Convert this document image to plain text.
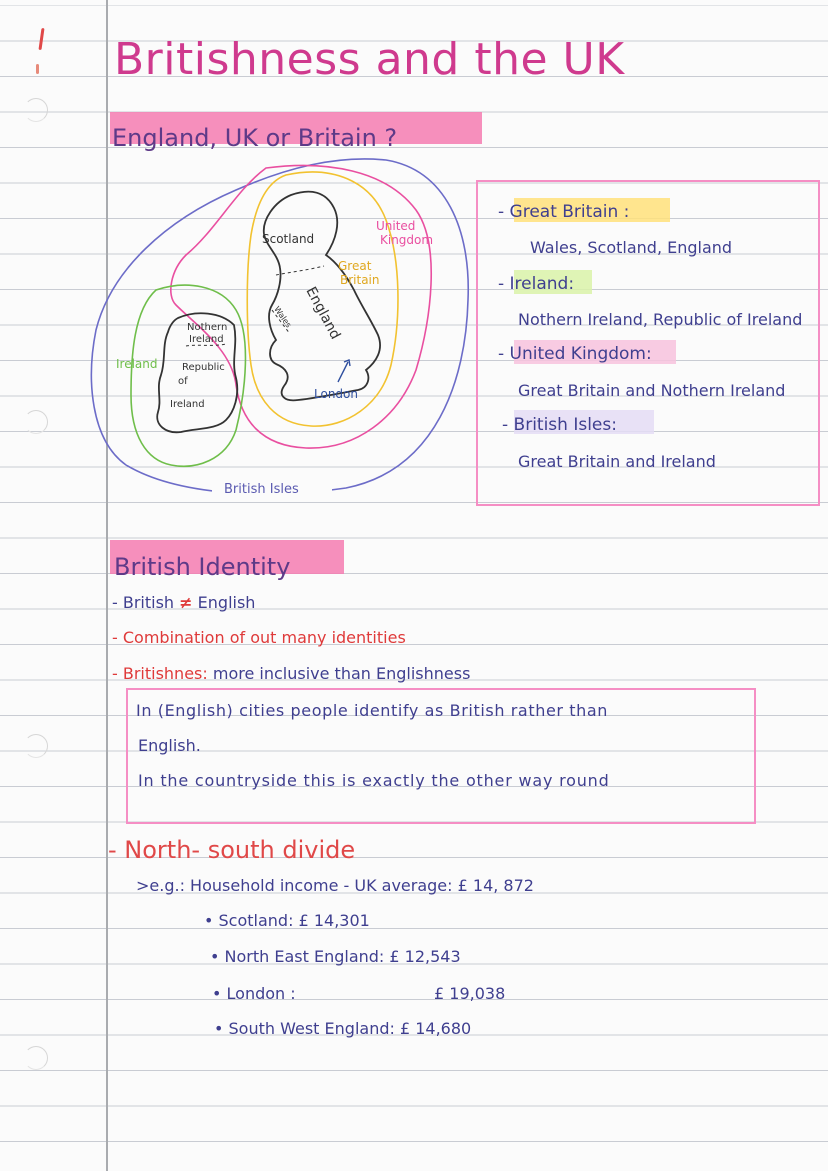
Britishness and the UK
England, UK or Britain ?
Scotland
England
Wales
London
Nothern
Ireland
Republic
of
Ireland
Ireland
Great
Britain
United
Kingdom
British Isles
- Great Britain :
Wales, Scotland, England
- Ireland:
Nothern Ireland, Republic of Ireland
- United Kingdom:
Great Britain and Nothern Ireland
- British Isles:
Great Britain and Ireland
British Identity
- British ≠ English
- Combination of out many identities
- Britishnes: more inclusive than Englishness
In (English) cities people identify as British rather than
English.
In the countryside this is exactly the other way round
- North- south divide
>e.g.: Household income - UK average: £ 14, 872
• Scotland: £ 14,301
• North East England: £ 12,543
• London :	£ 19,038
• South West England: £ 14,680
